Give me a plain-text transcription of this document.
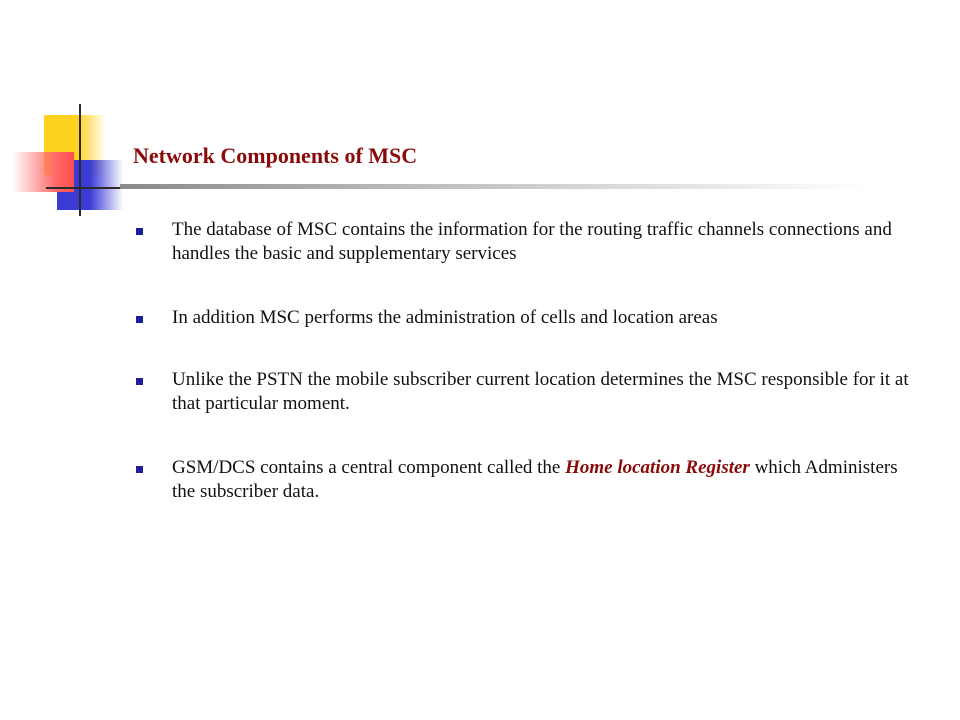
Network Components of MSC
The database of MSC contains the information for the routing traffic channels connections and handles the basic and supplementary services
In addition MSC performs the administration of cells and location areas
Unlike the PSTN the mobile subscriber current location determines the MSC responsible for it at that particular moment.
GSM/DCS contains a central component called the Home location Register which Administers the subscriber data.
